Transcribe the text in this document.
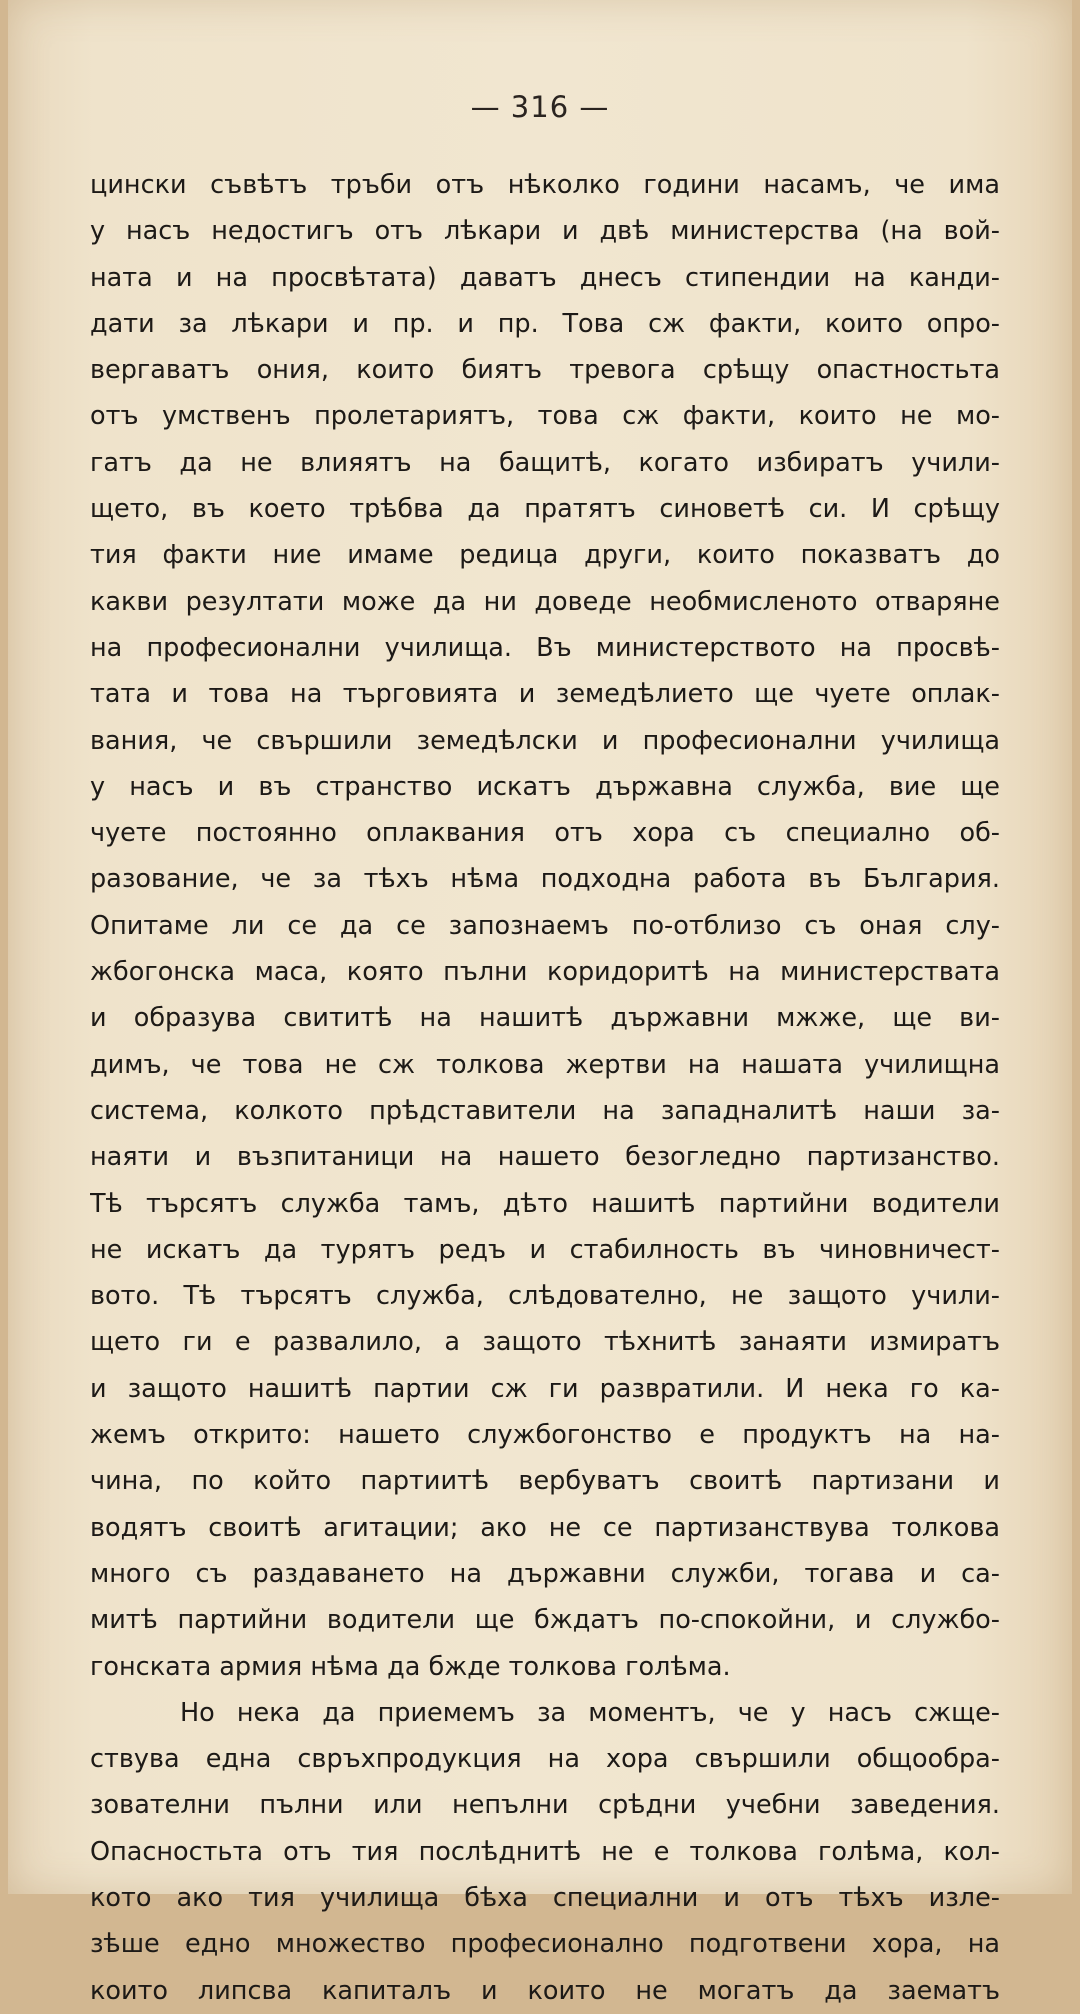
— 316 —
цински съвѣтъ тръби отъ нѣколко години насамъ, че има
у насъ недостигъ отъ лѣкари и двѣ министерства (на вой-
ната и на просвѣтата) даватъ днесъ стипендии на канди-
дати за лѣкари и пр. и пр. Това сж факти, които опро-
вергаватъ ония, които биятъ тревога срѣщу опастностьта
отъ умственъ пролетариятъ, това сж факти, които не мо-
гатъ да не влияятъ на бащитѣ, когато избиратъ учили-
щето, въ което трѣбва да пратятъ синоветѣ си. И срѣщу
тия факти ние имаме редица други, които показватъ до
какви резултати може да ни доведе необмисленото отваряне
на професионални училища. Въ министерството на просвѣ-
тата и това на търговията и земедѣлието ще чуете оплак-
вания, че свършили земедѣлски и професионални училища
у насъ и въ странство искатъ държавна служба, вие ще
чуете постоянно оплаквания отъ хора съ специално об-
разование, че за тѣхъ нѣма подходна работа въ България.
Опитаме ли се да се запознаемъ по-отблизо съ оная слу-
жбогонска маса, която пълни коридоритѣ на министерствата
и образува свититѣ на нашитѣ държавни мжже, ще ви-
димъ, че това не сж толкова жертви на нашата училищна
система, колкото прѣдставители на западналитѣ наши за-
наяти и възпитаници на нашето безогледно партизанство.
Тѣ търсятъ служба тамъ, дѣто нашитѣ партийни водители
не искатъ да турятъ редъ и стабилность въ чиновничест-
вото. Тѣ търсятъ служба, слѣдователно, не защото учили-
щето ги е развалило, а защото тѣхнитѣ занаяти измиратъ
и защото нашитѣ партии сж ги развратили. И нека го ка-
жемъ открито: нашето службогонство е продуктъ на на-
чина, по който партиитѣ вербуватъ своитѣ партизани и
водятъ своитѣ агитации; ако не се партизанствува толкова
много съ раздаването на държавни служби, тогава и са-
митѣ партийни водители ще бждатъ по-спокойни, и службо-
гонската армия нѣма да бжде толкова голѣма.
Но нека да приемемъ за моментъ, че у насъ сжще-
ствува една свръхпродукция на хора свършили общообра-
зователни пълни или непълни срѣдни учебни заведения.
Опасностьта отъ тия послѣднитѣ не е толкова голѣма, кол-
кото ако тия училища бѣха специални и отъ тѣхъ изле-
зѣше едно множество професионално подготвени хора, на
които липсва капиталъ и които не могатъ да заематъ
